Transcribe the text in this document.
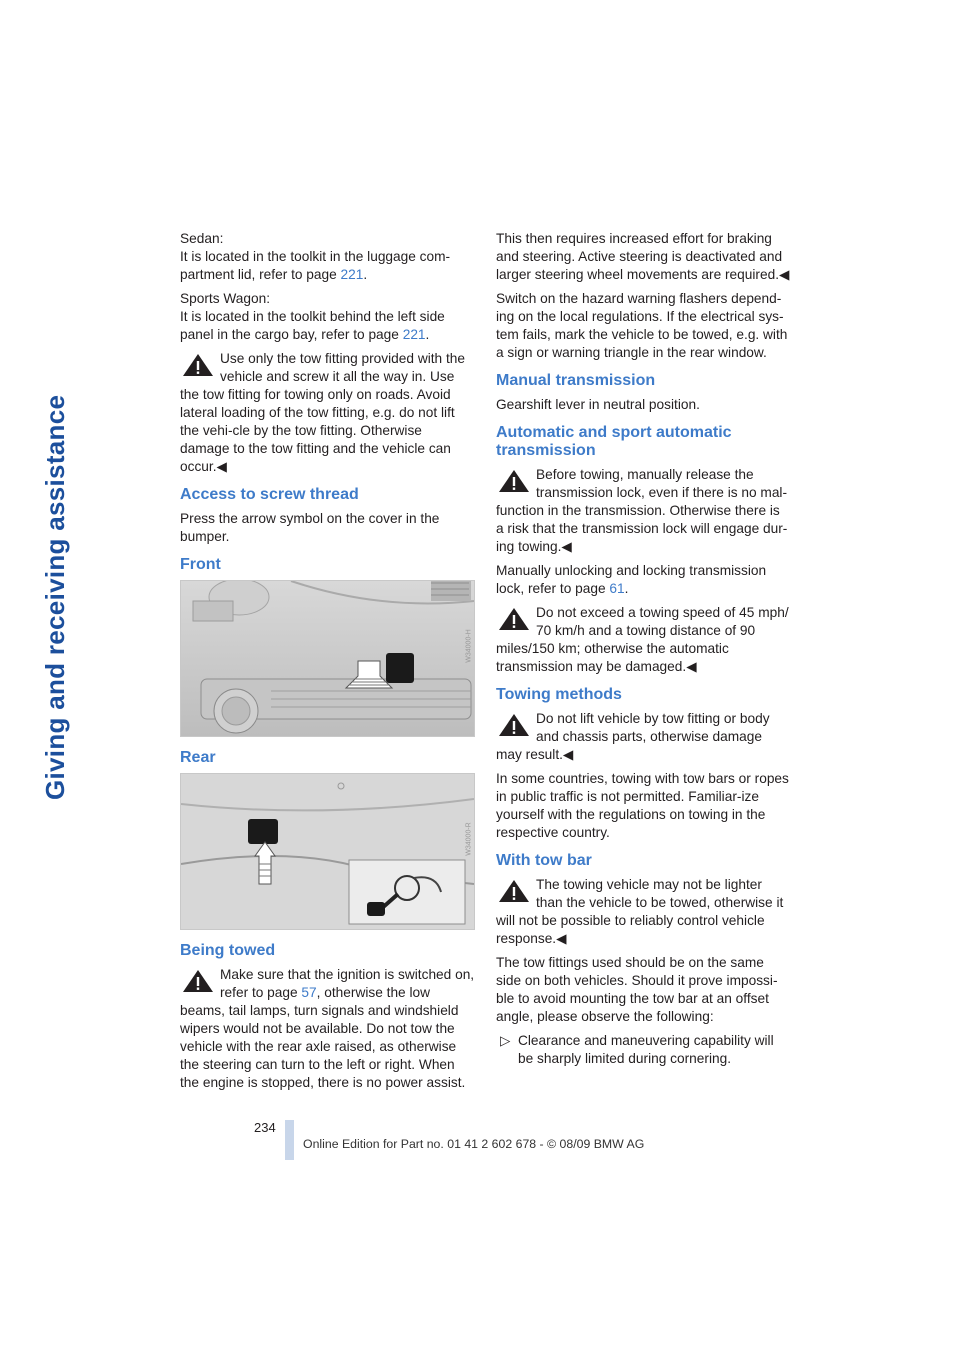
Giving and receiving assistance

Sedan:
It is located in the toolkit in the luggage com-partment lid, refer to page 221.

Sports Wagon:
It is located in the toolkit behind the left side panel in the cargo bay, refer to page 221.

Use only the tow fitting provided with the vehicle and screw it all the way in. Use the tow fitting for towing only on roads. Avoid lateral loading of the tow fitting, e.g. do not lift the vehi-cle by the tow fitting. Otherwise damage to the tow fitting and the vehicle can occur.◀

Access to screw thread

Press the arrow symbol on the cover in the bumper.

Front
W34000-H
Rear
W34000-R
Being towed

Make sure that the ignition is switched on, refer to page 57, otherwise the low beams, tail lamps, turn signals and windshield wipers would not be available. Do not tow the vehicle with the rear axle raised, as otherwise the steering can turn to the left or right. When the engine is stopped, there is no power assist.

This then requires increased effort for braking and steering. Active steering is deactivated and larger steering wheel movements are required.◀

Switch on the hazard warning flashers depend-ing on the local regulations. If the electrical sys-tem fails, mark the vehicle to be towed, e.g. with a sign or warning triangle in the rear window.

Manual transmission

Gearshift lever in neutral position.

Automatic and sport automatic transmission

Before towing, manually release the transmission lock, even if there is no mal-function in the transmission. Otherwise there is a risk that the transmission lock will engage dur-ing towing.◀

Manually unlocking and locking transmission lock, refer to page 61.

Do not exceed a towing speed of 45 mph/ 70 km/h and a towing distance of 90 miles/150 km; otherwise the automatic transmission may be damaged.◀

Towing methods

Do not lift vehicle by tow fitting or body and chassis parts, otherwise damage may result.◀

In some countries, towing with tow bars or ropes in public traffic is not permitted. Familiar-ize yourself with the regulations on towing in the respective country.

With tow bar

The towing vehicle may not be lighter than the vehicle to be towed, otherwise it will not be possible to reliably control vehicle response.◀

The tow fittings used should be on the same side on both vehicles. Should it prove impossi-ble to avoid mounting the tow bar at an offset angle, please observe the following:

▷ Clearance and maneuvering capability will be sharply limited during cornering.

234
Online Edition for Part no. 01 41 2 602 678 - © 08/09 BMW AG
